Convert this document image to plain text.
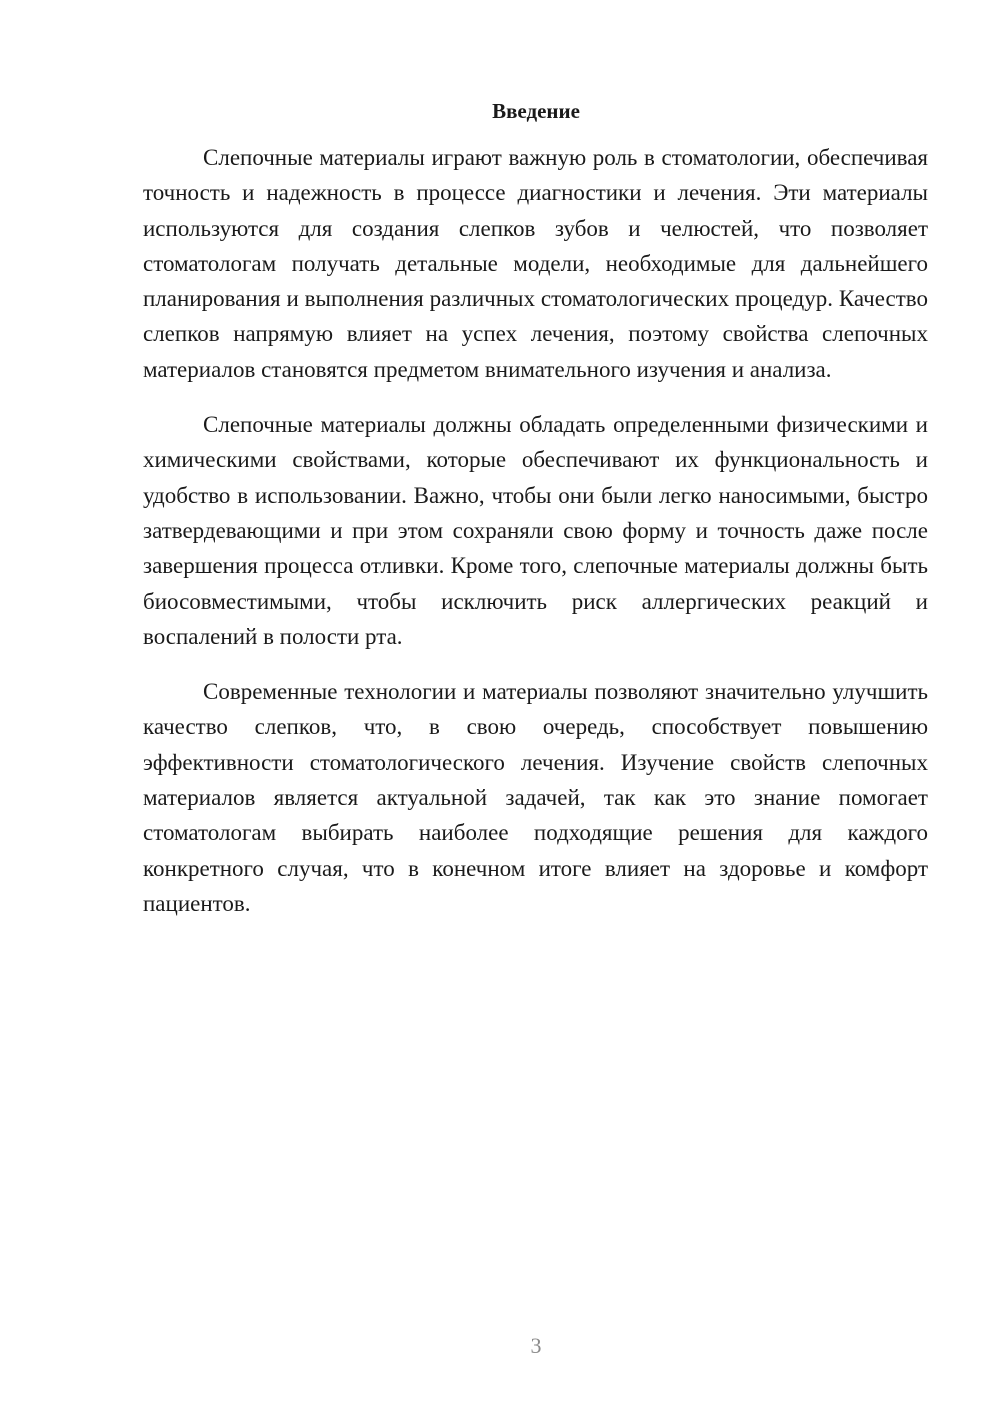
Введение

Слепочные материалы играют важную роль в стоматологии, обеспечивая точность и надежность в процессе диагностики и лечения. Эти материалы используются для создания слепков зубов и челюстей, что позволяет стоматологам получать детальные модели, необходимые для дальнейшего планирования и выполнения различных стоматологических процедур. Качество слепков напрямую влияет на успех лечения, поэтому свойства слепочных материалов становятся предметом внимательного изучения и анализа.

Слепочные материалы должны обладать определенными физическими и химическими свойствами, которые обеспечивают их функциональность и удобство в использовании. Важно, чтобы они были легко наносимыми, быстро затвердевающими и при этом сохраняли свою форму и точность даже после завершения процесса отливки. Кроме того, слепочные материалы должны быть биосовместимыми, чтобы исключить риск аллергических реакций и воспалений в полости рта.

Современные технологии и материалы позволяют значительно улучшить качество слепков, что, в свою очередь, способствует повышению эффективности стоматологического лечения. Изучение свойств слепочных материалов является актуальной задачей, так как это знание помогает стоматологам выбирать наиболее подходящие решения для каждого конкретного случая, что в конечном итоге влияет на здоровье и комфорт пациентов.

3
